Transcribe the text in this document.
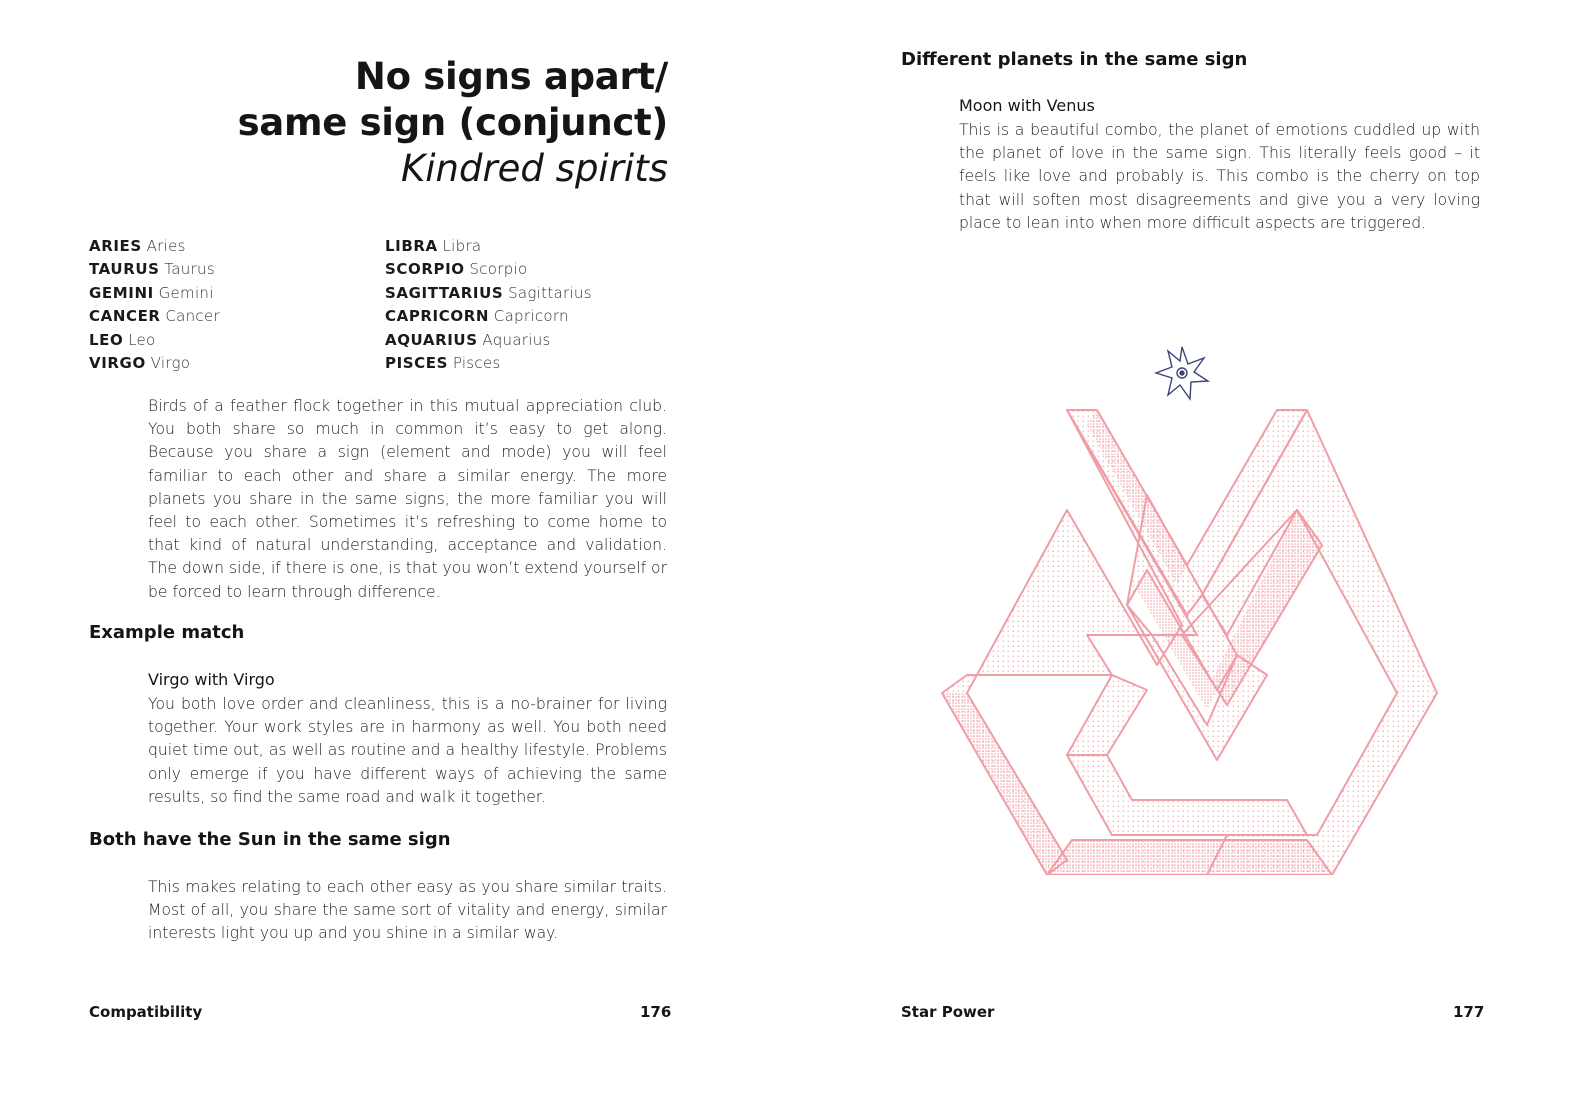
No signs apart/
same sign (conjunct)
Kindred spirits
ARIES Aries
TAURUS Taurus
GEMINI Gemini
CANCER Cancer
LEO Leo
VIRGO Virgo
LIBRA Libra
SCORPIO Scorpio
SAGITTARIUS Sagittarius
CAPRICORN Capricorn
AQUARIUS Aquarius
PISCES Pisces
Birds of a feather flock together in this mutual appreciation club. You both share so much in common it’s easy to get along. Because you share a sign (element and mode) you will feel familiar to each other and share a similar energy. The more planets you share in the same signs, the more familiar you will feel to each other. Sometimes it’s refreshing to come home to that kind of natural understanding, acceptance and validation. The down side, if there is one, is that you won’t extend yourself or be forced to learn through difference.
Example match
Virgo with Virgo
You both love order and cleanliness, this is a no-brainer for living together. Your work styles are in harmony as well. You both need quiet time out, as well as routine and a healthy lifestyle. Problems only emerge if you have different ways of achieving the same results, so find the same road and walk it together.
Both have the Sun in the same sign
This makes relating to each other easy as you share similar traits. Most of all, you share the same sort of vitality and energy, similar interests light you up and you shine in a similar way.
Compatibility	176
Different planets in the same sign
Moon with Venus
This is a beautiful combo, the planet of emotions cuddled up with the planet of love in the same sign. This literally feels good – it feels like love and probably is. This combo is the cherry on top that will soften most disagreements and give you a very loving place to lean into when more difficult aspects are triggered.
Star Power	177
